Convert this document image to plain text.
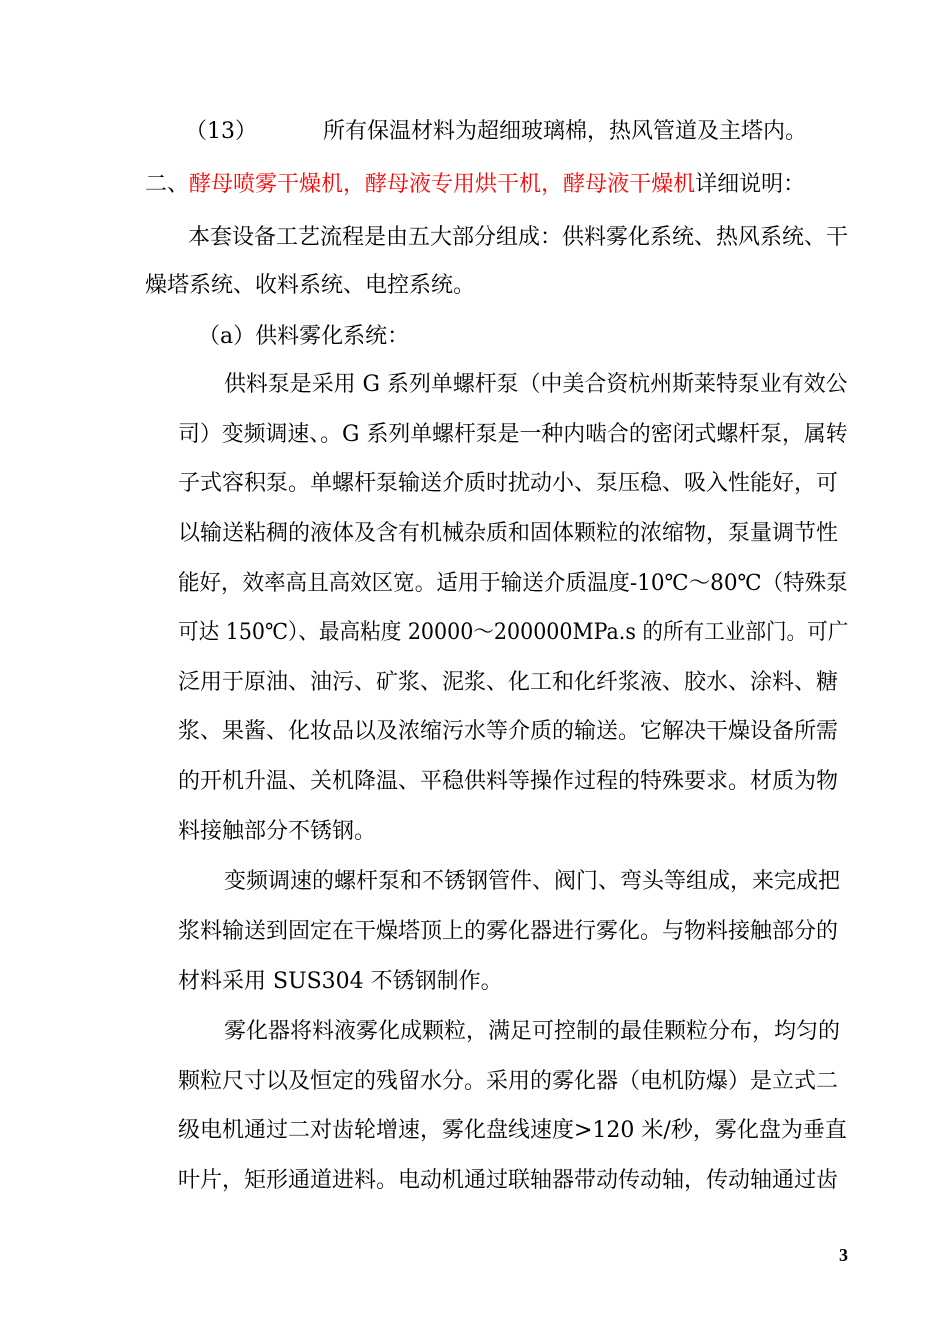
（13）	所有保温材料为超细玻璃棉，热风管道及主塔内。
二、酵母喷雾干燥机，酵母液专用烘干机，酵母液干燥机详细说明：
本套设备工艺流程是由五大部分组成：供料雾化系统、热风系统、干
燥塔系统、收料系统、电控系统。
（a）供料雾化系统：
供料泵是采用 G 系列单螺杆泵（中美合资杭州斯莱特泵业有效公
司）变频调速、。G 系列单螺杆泵是一种内啮合的密闭式螺杆泵，属转
子式容积泵。单螺杆泵输送介质时扰动小、泵压稳、吸入性能好，可
以输送粘稠的液体及含有机械杂质和固体颗粒的浓缩物，泵量调节性
能好，效率高且高效区宽。适用于输送介质温度-10℃～80℃（特殊泵
可达 150℃）、最高粘度 20000～200000MPa.s 的所有工业部门。可广
泛用于原油、油污、矿浆、泥浆、化工和化纤浆液、胶水、涂料、糖
浆、果酱、化妆品以及浓缩污水等介质的输送。它解决干燥设备所需
的开机升温、关机降温、平稳供料等操作过程的特殊要求。材质为物
料接触部分不锈钢。
变频调速的螺杆泵和不锈钢管件、阀门、弯头等组成，来完成把
浆料输送到固定在干燥塔顶上的雾化器进行雾化。与物料接触部分的
材料采用 SUS304 不锈钢制作。
雾化器将料液雾化成颗粒，满足可控制的最佳颗粒分布，均匀的
颗粒尺寸以及恒定的残留水分。采用的雾化器（电机防爆）是立式二
级电机通过二对齿轮增速，雾化盘线速度>120 米/秒，雾化盘为垂直
叶片，矩形通道进料。电动机通过联轴器带动传动轴，传动轴通过齿
3
